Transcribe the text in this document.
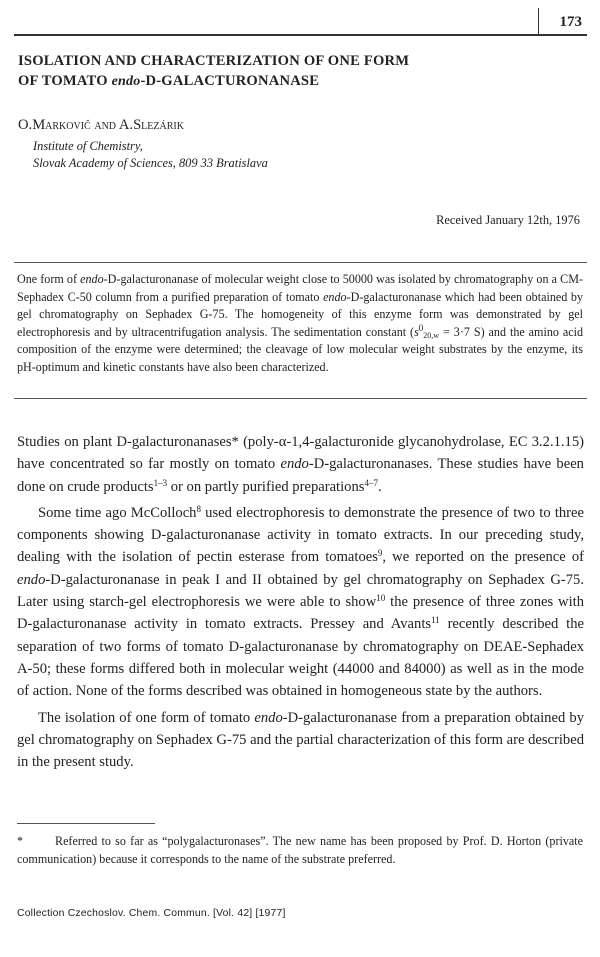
173
ISOLATION AND CHARACTERIZATION OF ONE FORM
OF TOMATO endo-D-GALACTURONANASE
O.Markovič and A.Slezárik
Institute of Chemistry,
Slovak Academy of Sciences, 809 33 Bratislava
Received January 12th, 1976

One form of endo-D-galacturonanase of molecular weight close to 50000 was isolated by chromatography on a CM-Sephadex C-50 column from a purified preparation of tomato endo-D-galacturonanase which had been obtained by gel chromatography on Sephadex G-75. The homogeneity of this enzyme form was demonstrated by gel electrophoresis and by ultracentrifugation analysis. The sedimentation constant ($s^0_{20,w} = 3\cdot 7$ S) and the amino acid composition of the enzyme were determined; the cleavage of low molecular weight substrates by the enzyme, its pH-optimum and kinetic constants have also been characterized.

Studies on plant D-galacturonanases* (poly-α-1,4-galacturonide glycanohydrolase, EC 3.2.1.15) have concentrated so far mostly on tomato endo-D-galacturonanases. These studies have been done on crude products$^{1-3}$ or on partly purified preparations$^{4-7}$.

Some time ago McColloch$^8$ used electrophoresis to demonstrate the presence of two to three components showing D-galacturonanase activity in tomato extracts. In our preceding study, dealing with the isolation of pectin esterase from tomatoes$^9$, we reported on the presence of endo-D-galacturonanase in peak I and II obtained by gel chromatography on Sephadex G-75. Later using starch-gel electrophoresis we were able to show$^{10}$ the presence of three zones with D-galacturonanase activity in tomato extracts. Pressey and Avants$^{11}$ recently described the separation of two forms of tomato D-galacturonanase by chromatography on DEAE-Sephadex A-50; these forms differed both in molecular weight (44000 and 84000) as well as in the mode of action. None of the forms described was obtained in homogeneous state by the authors.

The isolation of one form of tomato endo-D-galacturonanase from a preparation obtained by gel chromatography on Sephadex G-75 and the partial characterization of this form are described in the present study.

*	Referred to so far as “polygalacturonases”. The new name has been proposed by Prof. D. Horton (private communication) because it corresponds to the name of the substrate preferred.

Collection Czechoslov. Chem. Commun. [Vol. 42] [1977]
